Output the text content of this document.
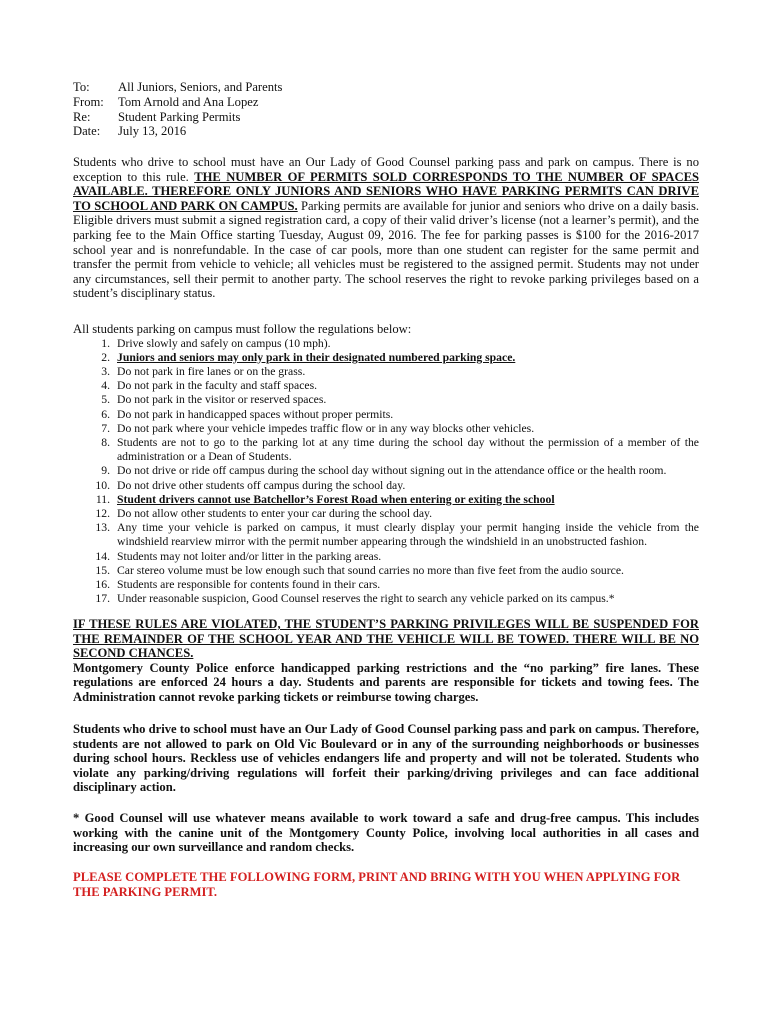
To:	All Juniors, Seniors, and Parents
From:	Tom Arnold and Ana Lopez
Re:	Student Parking Permits
Date:	July 13, 2016

Students who drive to school must have an Our Lady of Good Counsel parking pass and park on campus. There is no exception to this rule. THE NUMBER OF PERMITS SOLD CORRESPONDS TO THE NUMBER OF SPACES AVAILABLE. THEREFORE ONLY JUNIORS AND SENIORS WHO HAVE PARKING PERMITS CAN DRIVE TO SCHOOL AND PARK ON CAMPUS. Parking permits are available for junior and seniors who drive on a daily basis. Eligible drivers must submit a signed registration card, a copy of their valid driver’s license (not a learner’s permit), and the parking fee to the Main Office starting Tuesday, August 09, 2016. The fee for parking passes is $100 for the 2016-2017 school year and is nonrefundable. In the case of car pools, more than one student can register for the same permit and transfer the permit from vehicle to vehicle; all vehicles must be registered to the assigned permit. Students may not under any circumstances, sell their permit to another party. The school reserves the right to revoke parking privileges based on a student’s disciplinary status.

All students parking on campus must follow the regulations below:
1. Drive slowly and safely on campus (10 mph).
2. Juniors and seniors may only park in their designated numbered parking space.
3. Do not park in fire lanes or on the grass.
4. Do not park in the faculty and staff spaces.
5. Do not park in the visitor or reserved spaces.
6. Do not park in handicapped spaces without proper permits.
7. Do not park where your vehicle impedes traffic flow or in any way blocks other vehicles.
8. Students are not to go to the parking lot at any time during the school day without the permission of a member of the administration or a Dean of Students.
9. Do not drive or ride off campus during the school day without signing out in the attendance office or the health room.
10. Do not drive other students off campus during the school day.
11. Student drivers cannot use Batchellor’s Forest Road when entering or exiting the school
12. Do not allow other students to enter your car during the school day.
13. Any time your vehicle is parked on campus, it must clearly display your permit hanging inside the vehicle from the windshield rearview mirror with the permit number appearing through the windshield in an unobstructed fashion.
14. Students may not loiter and/or litter in the parking areas.
15. Car stereo volume must be low enough such that sound carries no more than five feet from the audio source.
16. Students are responsible for contents found in their cars.
17. Under reasonable suspicion, Good Counsel reserves the right to search any vehicle parked on its campus.*

IF THESE RULES ARE VIOLATED, THE STUDENT’S PARKING PRIVILEGES WILL BE SUSPENDED FOR THE REMAINDER OF THE SCHOOL YEAR AND THE VEHICLE WILL BE TOWED. THERE WILL BE NO SECOND CHANCES.
Montgomery County Police enforce handicapped parking restrictions and the “no parking” fire lanes. These regulations are enforced 24 hours a day. Students and parents are responsible for tickets and towing fees. The Administration cannot revoke parking tickets or reimburse towing charges.

Students who drive to school must have an Our Lady of Good Counsel parking pass and park on campus. Therefore, students are not allowed to park on Old Vic Boulevard or in any of the surrounding neighborhoods or businesses during school hours. Reckless use of vehicles endangers life and property and will not be tolerated. Students who violate any parking/driving regulations will forfeit their parking/driving privileges and can face additional disciplinary action.

* Good Counsel will use whatever means available to work toward a safe and drug-free campus. This includes working with the canine unit of the Montgomery County Police, involving local authorities in all cases and increasing our own surveillance and random checks.

PLEASE COMPLETE THE FOLLOWING FORM, PRINT AND BRING WITH YOU WHEN APPLYING FOR THE PARKING PERMIT.
